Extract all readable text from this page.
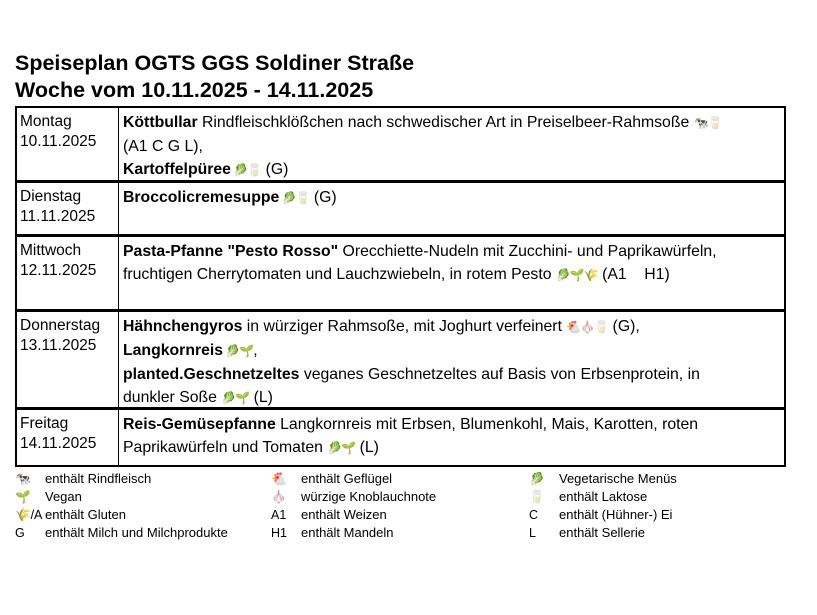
Speiseplan OGTS GGS Soldiner Straße
Woche vom 10.11.2025 - 14.11.2025
Montag
10.11.2025

Köttbullar Rindfleischklößchen nach schwedischer Art in Preiselbeer-Rahmsoße 🐄🥛

(A1 C G L),

Kartoffelpüree 🥬🥛 (G)

Dienstag
11.11.2025

Broccolicremesuppe 🥬🥛 (G)

Mittwoch
12.11.2025

Pasta-Pfanne "Pesto Rosso" Orecchiette-Nudeln mit Zucchini- und Paprikawürfeln,

fruchtigen Cherrytomaten und Lauchzwiebeln, in rotem Pesto 🥬🌱🌾 (A1    H1)

Donnerstag
13.11.2025

Hähnchengyros in würziger Rahmsoße, mit Joghurt verfeinert 🐔🧄🥛 (G),

Langkornreis 🥬🌱,

planted.Geschnetzeltes veganes Geschnetzeltes auf Basis von Erbsenprotein, in

dunkler Soße 🥬🌱 (L)

Freitag
14.11.2025

Reis-Gemüsepfanne Langkornreis mit Erbsen, Blumenkohl, Mais, Karotten, roten

Paprikawürfeln und Tomaten 🥬🌱 (L)

🐄	enthält Rindfleisch	🐔	enthält Geflügel	🥬	Vegetarische Menüs
🌱	Vegan	🧄	würzige Knoblauchnote	🥛	enthält Laktose
🌾/A enthält Gluten	A1	enthält Weizen	C	enthält (Hühner-) Ei
G	enthält Milch und Milchprodukte	H1	enthält Mandeln	L	enthält Sellerie
